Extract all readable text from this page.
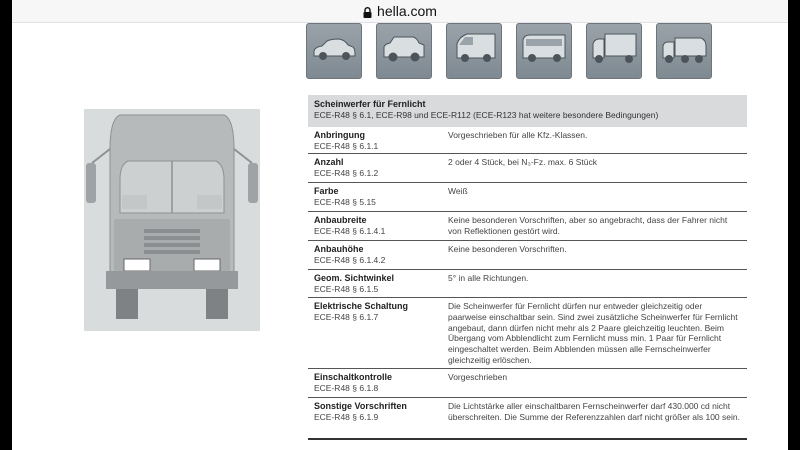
hella.com
Scheinwerfer für Fernlicht
ECE-R48 § 6.1, ECE-R98 und ECE-R112 (ECE-R123 hat weitere besondere Bedingungen)
Anbringung
ECE-R48 § 6.1.1
Vorgeschrieben für alle Kfz.-Klassen.
Anzahl
ECE-R48 § 6.1.2
2 oder 4 Stück, bei N₃-Fz. max. 6 Stück
Farbe
ECE-R48 § 5.15
Weiß
Anbaubreite
ECE-R48 § 6.1.4.1
Keine besonderen Vorschriften, aber so angebracht, dass der Fahrer nicht von Reflektionen gestört wird.
Anbauhöhe
ECE-R48 § 6.1.4.2
Keine besonderen Vorschriften.
Geom. Sichtwinkel
ECE-R48 § 6.1.5
5° in alle Richtungen.
Elektrische Schaltung
ECE-R48 § 6.1.7
Die Scheinwerfer für Fernlicht dürfen nur entweder gleichzeitig oder paarweise einschaltbar sein. Sind zwei zusätzliche Scheinwerfer für Fernlicht angebaut, dann dürfen nicht mehr als 2 Paare gleichzeitig leuchten. Beim Übergang vom Abblendlicht zum Fernlicht muss min. 1 Paar für Fernlicht eingeschaltet werden. Beim Abblenden müssen alle Fernscheinwerfer gleichzeitig erlöschen.
Einschaltkontrolle
ECE-R48 § 6.1.8
Vorgeschrieben
Sonstige Vorschriften
ECE-R48 § 6.1.9
Die Lichtstärke aller einschaltbaren Fernscheinwerfer darf 430.000 cd nicht überschreiten. Die Summe der Referenzzahlen darf nicht größer als 100 sein.
